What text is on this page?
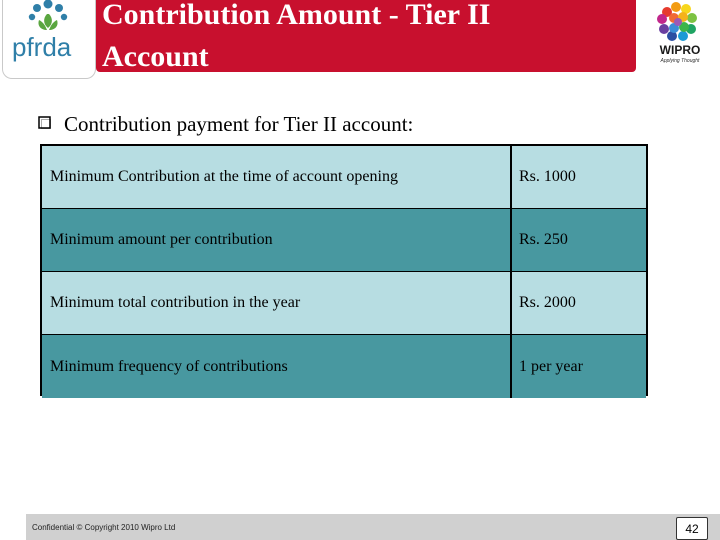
pfrda
Contribution Amount - Tier II
Account	WIPRO
Applying Thought
Contribution payment for Tier II account:
Minimum Contribution at the time of account opening	Rs. 1000
Minimum amount per contribution	Rs. 250
Minimum total contribution in the year	Rs. 2000
Minimum frequency of contributions	1 per year
Confidential © Copyright 2010 Wipro Ltd	42
